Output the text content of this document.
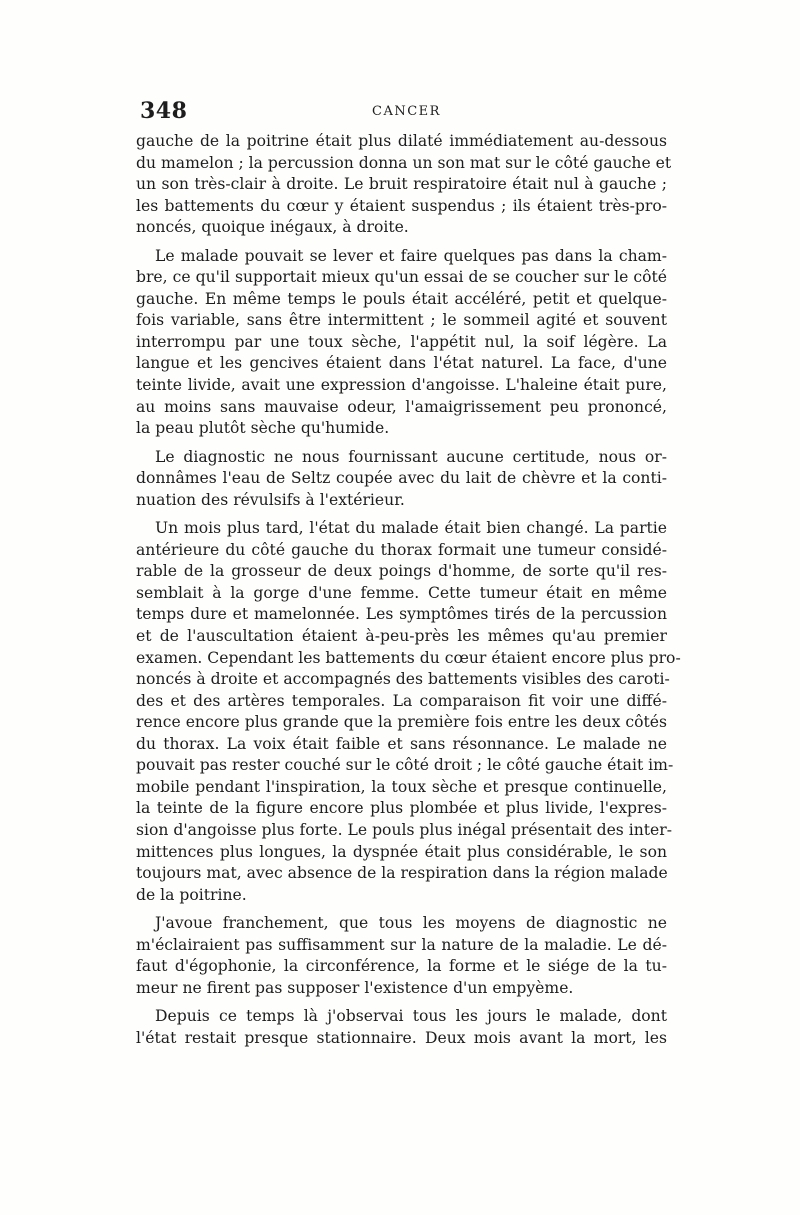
348	CANCER
gauche de la poitrine était plus dilaté immédiatement au-dessous
du mamelon ; la percussion donna un son mat sur le côté gauche et
un son très-clair à droite. Le bruit respiratoire était nul à gauche ;
les battements du cœur y étaient suspendus ; ils étaient très-pro-
noncés, quoique inégaux, à droite.
Le malade pouvait se lever et faire quelques pas dans la cham-
bre, ce qu'il supportait mieux qu'un essai de se coucher sur le côté
gauche. En même temps le pouls était accéléré, petit et quelque-
fois variable, sans être intermittent ; le sommeil agité et souvent
interrompu par une toux sèche, l'appétit nul, la soif légère. La
langue et les gencives étaient dans l'état naturel. La face, d'une
teinte livide, avait une expression d'angoisse. L'haleine était pure,
au moins sans mauvaise odeur, l'amaigrissement peu prononcé,
la peau plutôt sèche qu'humide.
Le diagnostic ne nous fournissant aucune certitude, nous or-
donnâmes l'eau de Seltz coupée avec du lait de chèvre et la conti-
nuation des révulsifs à l'extérieur.
Un mois plus tard, l'état du malade était bien changé. La partie
antérieure du côté gauche du thorax formait une tumeur considé-
rable de la grosseur de deux poings d'homme, de sorte qu'il res-
semblait à la gorge d'une femme. Cette tumeur était en même
temps dure et mamelonnée. Les symptômes tirés de la percussion
et de l'auscultation étaient à-peu-près les mêmes qu'au premier
examen. Cependant les battements du cœur étaient encore plus pro-
noncés à droite et accompagnés des battements visibles des caroti-
des et des artères temporales. La comparaison fit voir une diffé-
rence encore plus grande que la première fois entre les deux côtés
du thorax. La voix était faible et sans résonnance. Le malade ne
pouvait pas rester couché sur le côté droit ; le côté gauche était im-
mobile pendant l'inspiration, la toux sèche et presque continuelle,
la teinte de la figure encore plus plombée et plus livide, l'expres-
sion d'angoisse plus forte. Le pouls plus inégal présentait des inter-
mittences plus longues, la dyspnée était plus considérable, le son
toujours mat, avec absence de la respiration dans la région malade
de la poitrine.
J'avoue franchement, que tous les moyens de diagnostic ne
m'éclairaient pas suffisamment sur la nature de la maladie. Le dé-
faut d'égophonie, la circonférence, la forme et le siége de la tu-
meur ne firent pas supposer l'existence d'un empyème.
Depuis ce temps là j'observai tous les jours le malade, dont
l'état restait presque stationnaire. Deux mois avant la mort, les
